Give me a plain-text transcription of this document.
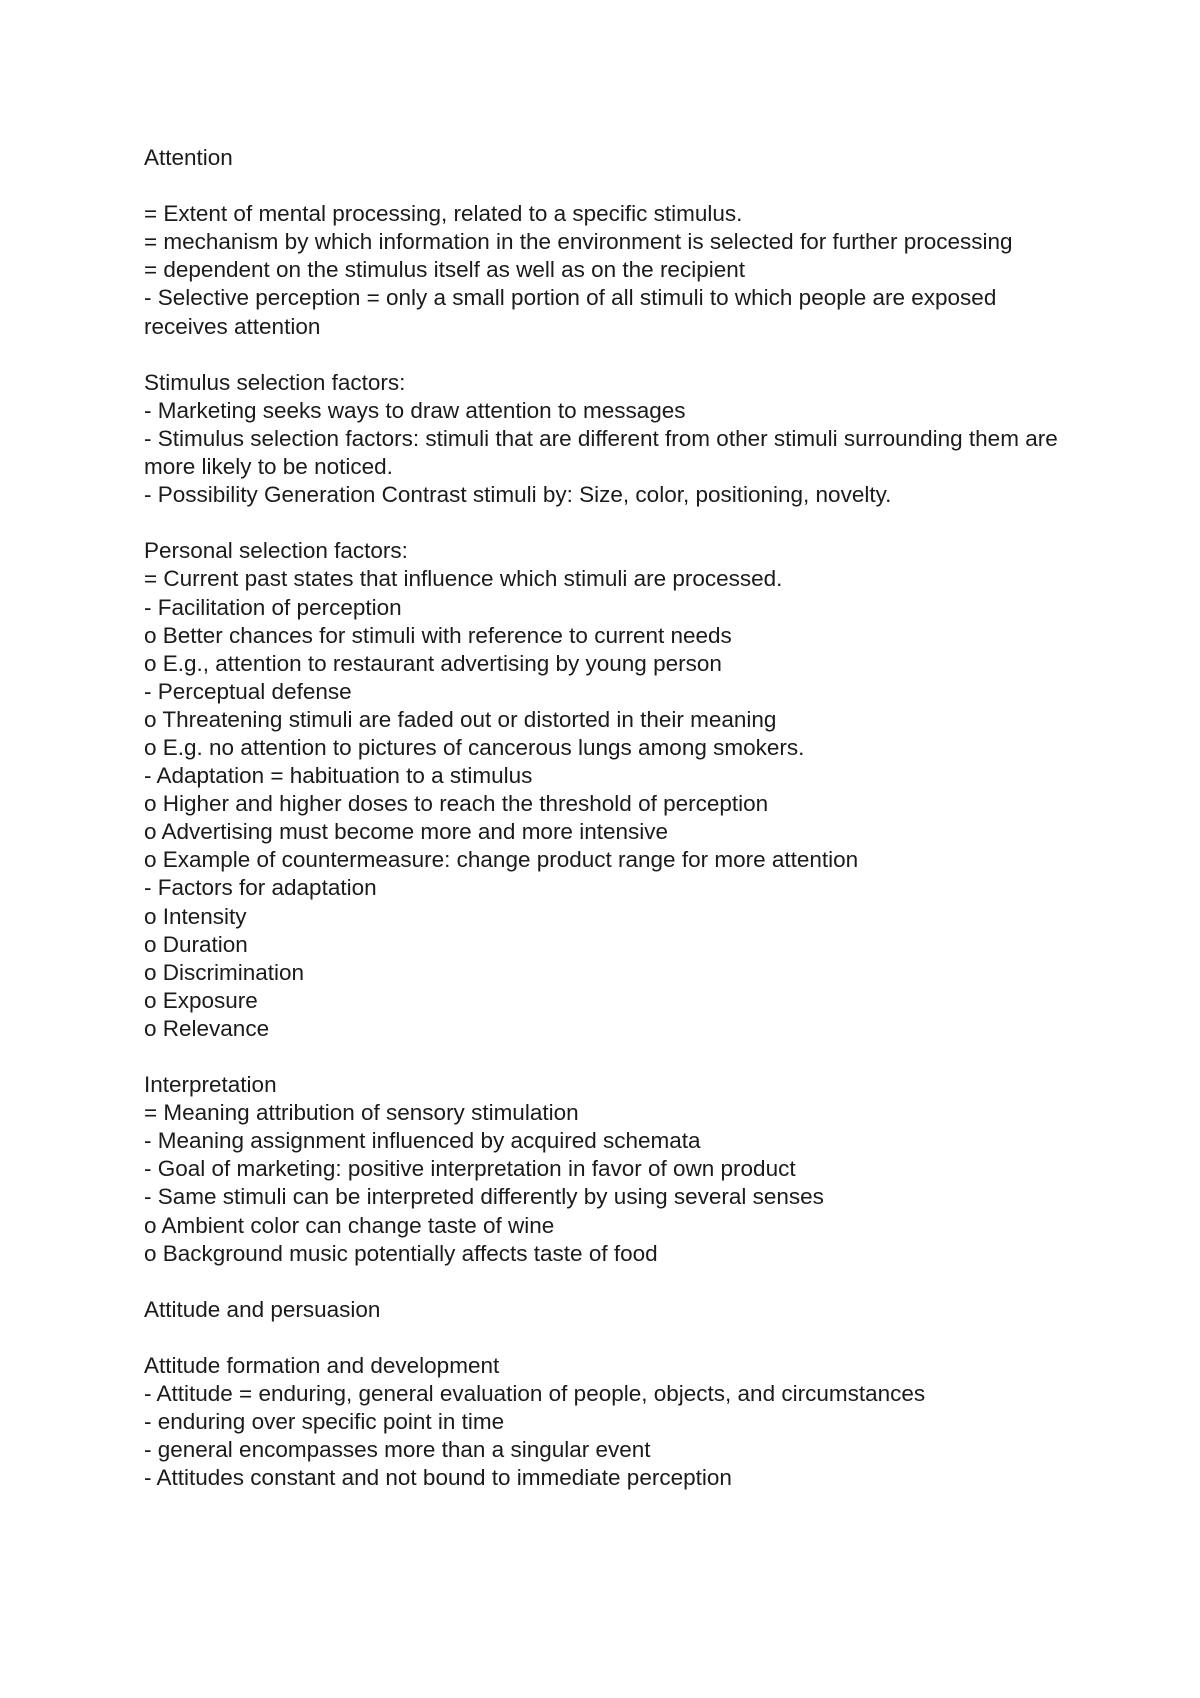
Attention

= Extent of mental processing, related to a specific stimulus.

= mechanism by which information in the environment is selected for further processing

= dependent on the stimulus itself as well as on the recipient

- Selective perception = only a small portion of all stimuli to which people are exposed receives attention

Stimulus selection factors:

- Marketing seeks ways to draw attention to messages

- Stimulus selection factors: stimuli that are different from other stimuli surrounding them are more likely to be noticed.

- Possibility Generation Contrast stimuli by: Size, color, positioning, novelty.

Personal selection factors:

= Current past states that influence which stimuli are processed.

- Facilitation of perception

o Better chances for stimuli with reference to current needs

o E.g., attention to restaurant advertising by young person

- Perceptual defense

o Threatening stimuli are faded out or distorted in their meaning

o E.g. no attention to pictures of cancerous lungs among smokers.

- Adaptation = habituation to a stimulus

o Higher and higher doses to reach the threshold of perception

o Advertising must become more and more intensive

o Example of countermeasure: change product range for more attention

- Factors for adaptation

o Intensity

o Duration

o Discrimination

o Exposure

o Relevance

Interpretation

= Meaning attribution of sensory stimulation

- Meaning assignment influenced by acquired schemata

- Goal of marketing: positive interpretation in favor of own product

- Same stimuli can be interpreted differently by using several senses

o Ambient color can change taste of wine

o Background music potentially affects taste of food

Attitude and persuasion

Attitude formation and development

- Attitude = enduring, general evaluation of people, objects, and circumstances

- enduring over specific point in time

- general encompasses more than a singular event

- Attitudes constant and not bound to immediate perception
